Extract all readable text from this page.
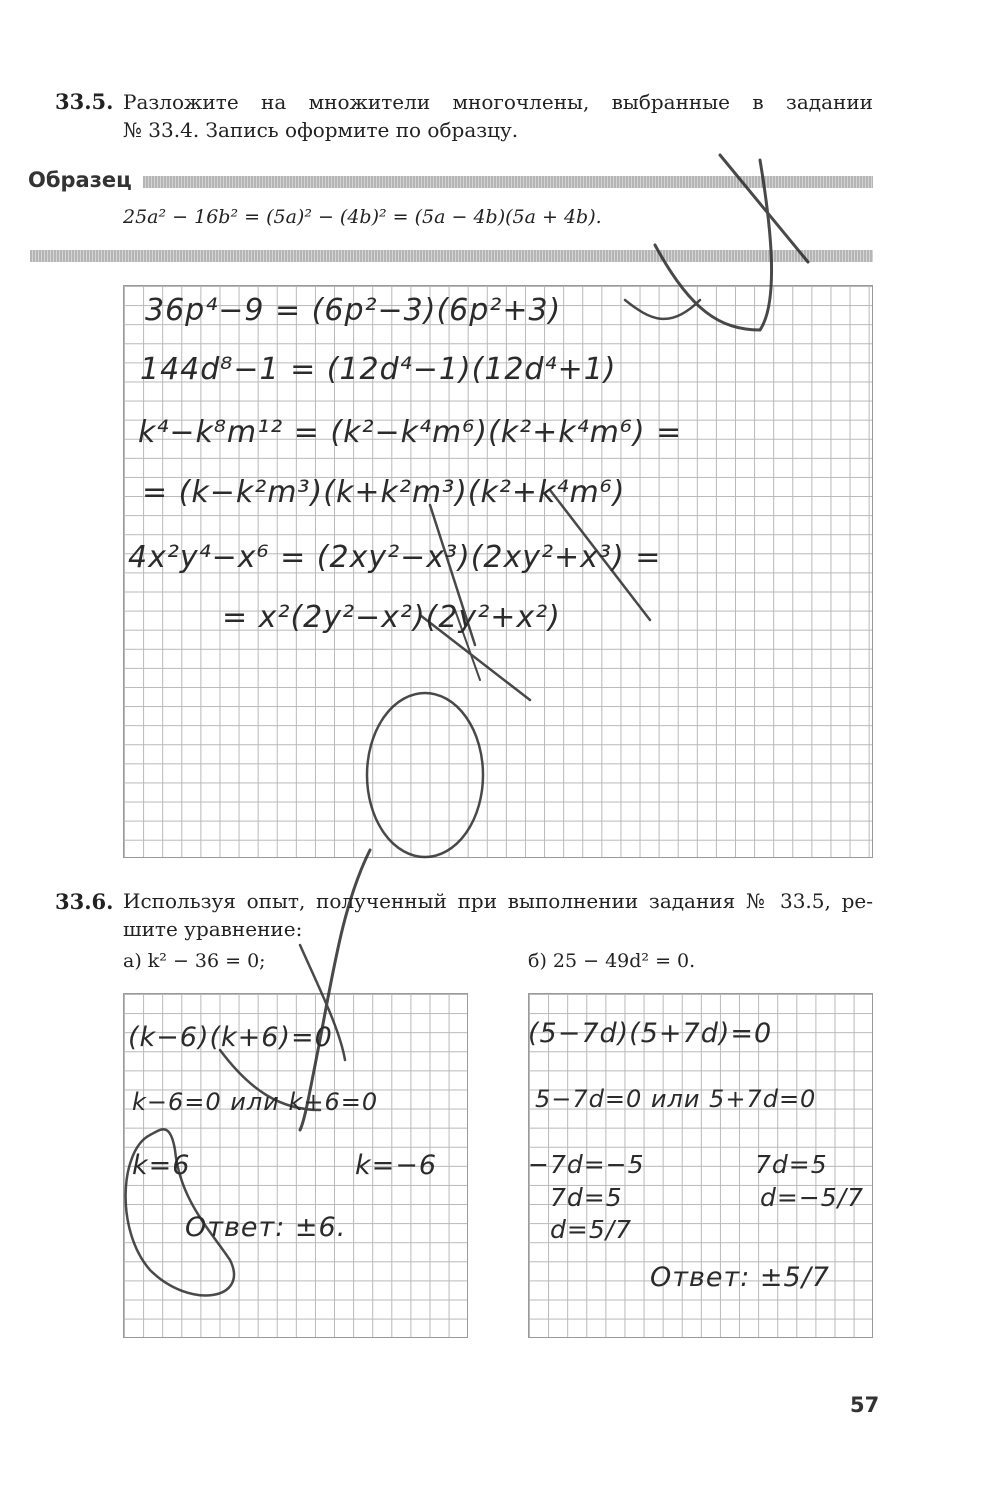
33.5. Разложите на множители многочлены, выбранные в задании
№ 33.4. Запись оформите по образцу.
Образец
25a² − 16b² = (5a)² − (4b)² = (5a − 4b)(5a + 4b).
36p⁴−9 = (6p²−3)(6p²+3)
144d⁸−1 = (12d⁴−1)(12d⁴+1)
k⁴−k⁸m¹² = (k²−k⁴m⁶)(k²+k⁴m⁶) =
= (k−k²m³)(k+k²m³)(k²+k⁴m⁶)
4x²y⁴−x⁶ = (2xy²−x³)(2xy²+x³) =
= x²(2y²−x²)(2y²+x²)
33.6. Используя опыт, полученный при выполнении задания № 33.5, ре-
шите уравнение:
а) k² − 36 = 0;	б) 25 − 49d² = 0.
(k−6)(k+6)=0
k−6=0 или k+6=0
k=6	k=−6
Ответ: ±6.
(5−7d)(5+7d)=0
5−7d=0 или 5+7d=0
−7d=−5	7d=5
7d=5	d=−5/7
d=5/7
Ответ: ±5/7
57
